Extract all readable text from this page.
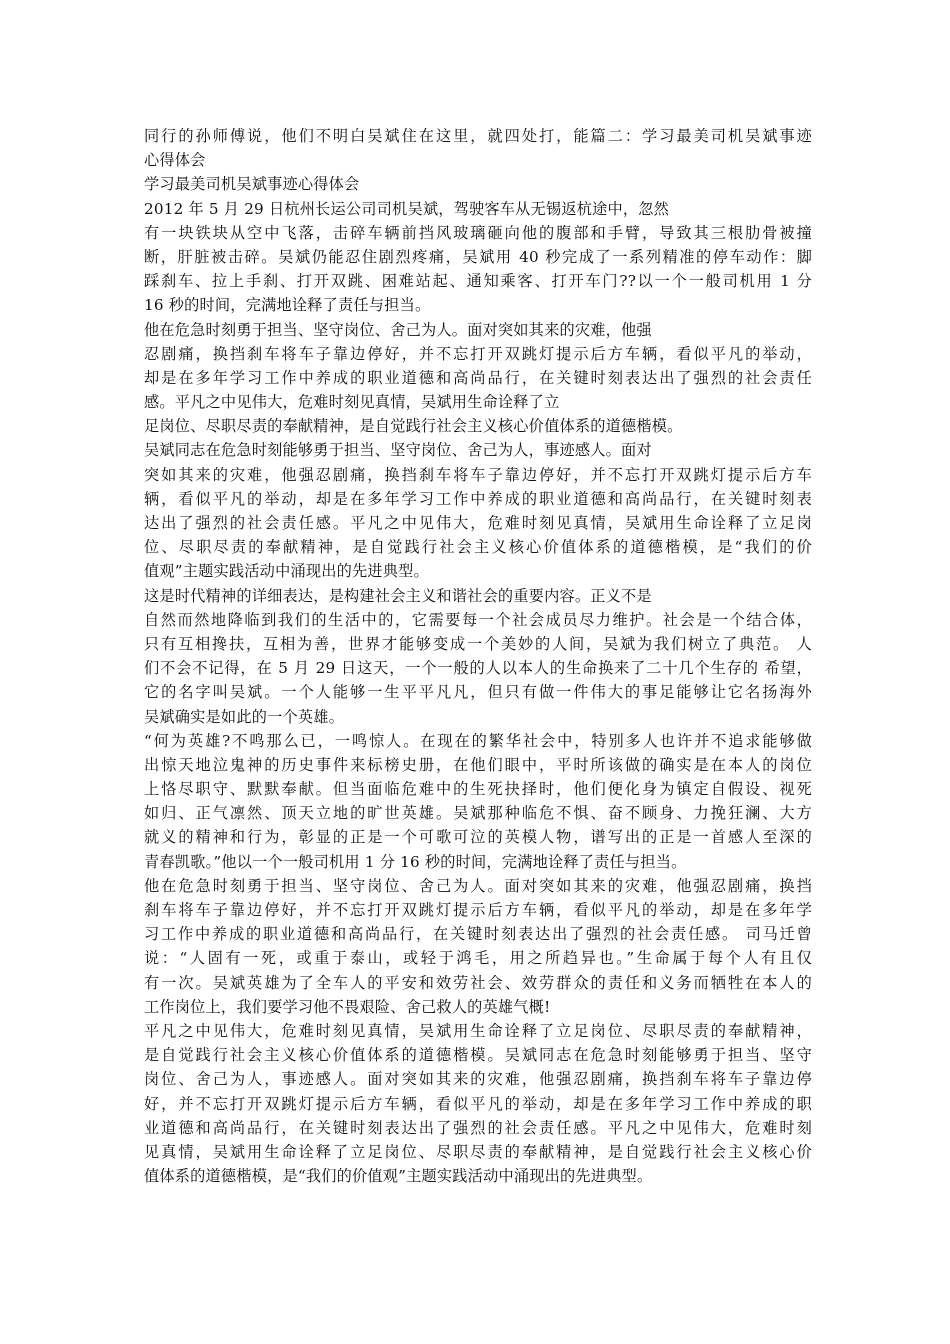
同行的孙师傅说，他们不明白吴斌住在这里，就四处打，能篇二：学习最美司机吴斌事迹
心得体会
学习最美司机吴斌事迹心得体会
2012 年 5 月 29 日杭州长运公司司机吴斌，驾驶客车从无锡返杭途中，忽然
有一块铁块从空中飞落，击碎车辆前挡风玻璃砸向他的腹部和手臂，导致其三根肋骨被撞
断，肝脏被击碎。吴斌仍能忍住剧烈疼痛，吴斌用 40 秒完成了一系列精准的停车动作：脚
踩刹车、拉上手刹、打开双跳、困难站起、通知乘客、打开车门??以一个一般司机用 1 分
16 秒的时间，完满地诠释了责任与担当。
他在危急时刻勇于担当、坚守岗位、舍己为人。面对突如其来的灾难，他强
忍剧痛，换挡刹车将车子靠边停好，并不忘打开双跳灯提示后方车辆，看似平凡的举动，
却是在多年学习工作中养成的职业道德和高尚品行，在关键时刻表达出了强烈的社会责任
感。平凡之中见伟大，危难时刻见真情，吴斌用生命诠释了立
足岗位、尽职尽责的奉献精神，是自觉践行社会主义核心价值体系的道德楷模。
吴斌同志在危急时刻能够勇于担当、坚守岗位、舍己为人，事迹感人。面对
突如其来的灾难，他强忍剧痛，换挡刹车将车子靠边停好，并不忘打开双跳灯提示后方车
辆，看似平凡的举动，却是在多年学习工作中养成的职业道德和高尚品行，在关键时刻表
达出了强烈的社会责任感。平凡之中见伟大，危难时刻见真情，吴斌用生命诠释了立足岗
位、尽职尽责的奉献精神，是自觉践行社会主义核心价值体系的道德楷模，是“我们的价
值观”主题实践活动中涌现出的先进典型。
这是时代精神的详细表达，是构建社会主义和谐社会的重要内容。正义不是
自然而然地降临到我们的生活中的，它需要每一个社会成员尽力维护。社会是一个结合体，
只有互相搀扶，互相为善，世界才能够变成一个美妙的人间，吴斌为我们树立了典范。 人
们不会不记得，在 5 月 29 日这天，一个一般的人以本人的生命换来了二十几个生存的 希望，
它的名字叫吴斌。一个人能够一生平平凡凡，但只有做一件伟大的事足能够让它名扬海外
吴斌确实是如此的一个英雄。
“何为英雄?不鸣那么已，一鸣惊人。在现在的繁华社会中，特别多人也许并不追求能够做
出惊天地泣鬼神的历史事件来标榜史册，在他们眼中，平时所该做的确实是在本人的岗位
上恪尽职守、默默奉献。但当面临危难中的生死抉择时，他们便化身为镇定自假设、视死
如归、正气凛然、顶天立地的旷世英雄。吴斌那种临危不惧、奋不顾身、力挽狂澜、大方
就义的精神和行为，彰显的正是一个可歌可泣的英模人物，谱写出的正是一首感人至深的
青春凯歌。”他以一个一般司机用 1 分 16 秒的时间，完满地诠释了责任与担当。
他在危急时刻勇于担当、坚守岗位、舍己为人。面对突如其来的灾难，他强忍剧痛，换挡
刹车将车子靠边停好，并不忘打开双跳灯提示后方车辆，看似平凡的举动，却是在多年学
习工作中养成的职业道德和高尚品行，在关键时刻表达出了强烈的社会责任感。 司马迁曾
说：“人固有一死，或重于泰山，或轻于鸿毛，用之所趋异也。”生命属于每个人有且仅
有一次。吴斌英雄为了全车人的平安和效劳社会、效劳群众的责任和义务而牺牲在本人的
工作岗位上，我们要学习他不畏艰险、舍己救人的英雄气概!
平凡之中见伟大，危难时刻见真情，吴斌用生命诠释了立足岗位、尽职尽责的奉献精神，
是自觉践行社会主义核心价值体系的道德楷模。吴斌同志在危急时刻能够勇于担当、坚守
岗位、舍己为人，事迹感人。面对突如其来的灾难，他强忍剧痛，换挡刹车将车子靠边停
好，并不忘打开双跳灯提示后方车辆，看似平凡的举动，却是在多年学习工作中养成的职
业道德和高尚品行，在关键时刻表达出了强烈的社会责任感。平凡之中见伟大，危难时刻
见真情，吴斌用生命诠释了立足岗位、尽职尽责的奉献精神，是自觉践行社会主义核心价
值体系的道德楷模，是“我们的价值观”主题实践活动中涌现出的先进典型。
